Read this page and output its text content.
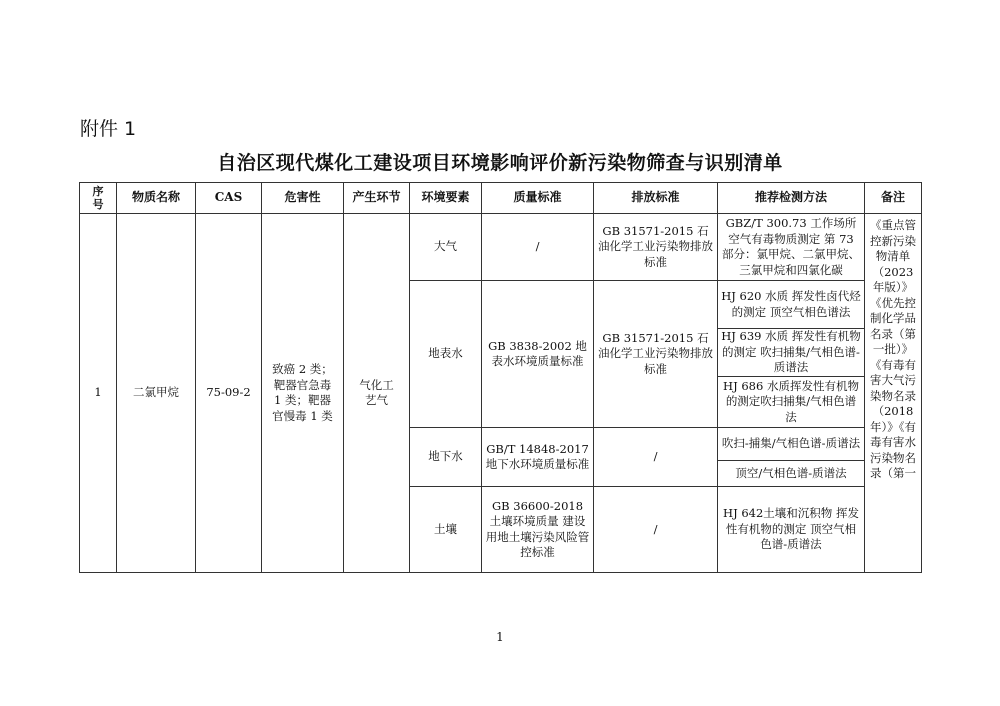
附件 1
自治区现代煤化工建设项目环境影响评价新污染物筛查与识别清单
序号	物质名称	CAS	危害性	产生环节	环境要素	质量标准	排放标准	推荐检测方法	备注
1	二氯甲烷	75-09-2	致癌 2 类；靶器官急毒 1 类；靶器官慢毒 1 类	气化工艺气	大气	/	GB 31571-2015 石油化学工业污染物排放标准	GBZ/T 300.73 工作场所空气有毒物质测定 第 73 部分：氯甲烷、二氯甲烷、三氯甲烷和四氯化碳	《重点管控新污染物清单（2023年版）》《优先控制化学品名录（第一批）》《有毒有害大气污染物名录（2018年）》《有毒有害水污染物名录（第一
					地表水	GB 3838-2002 地表水环境质量标准	GB 31571-2015 石油化学工业污染物排放标准	HJ 620 水质 挥发性卤代烃的测定 顶空气相色谱法	
								HJ 639 水质 挥发性有机物的测定 吹扫捕集/气相色谱-质谱法	
								HJ 686 水质挥发性有机物的测定吹扫捕集/气相色谱法	
					地下水	GB/T 14848-2017 地下水环境质量标准	/	吹扫-捕集/气相色谱-质谱法	
								顶空/气相色谱-质谱法	
					土壤	GB 36600-2018 土壤环境质量 建设用地土壤污染风险管控标准	/	HJ 642土壤和沉积物 挥发性有机物的测定 顶空气相色谱-质谱法	
1
